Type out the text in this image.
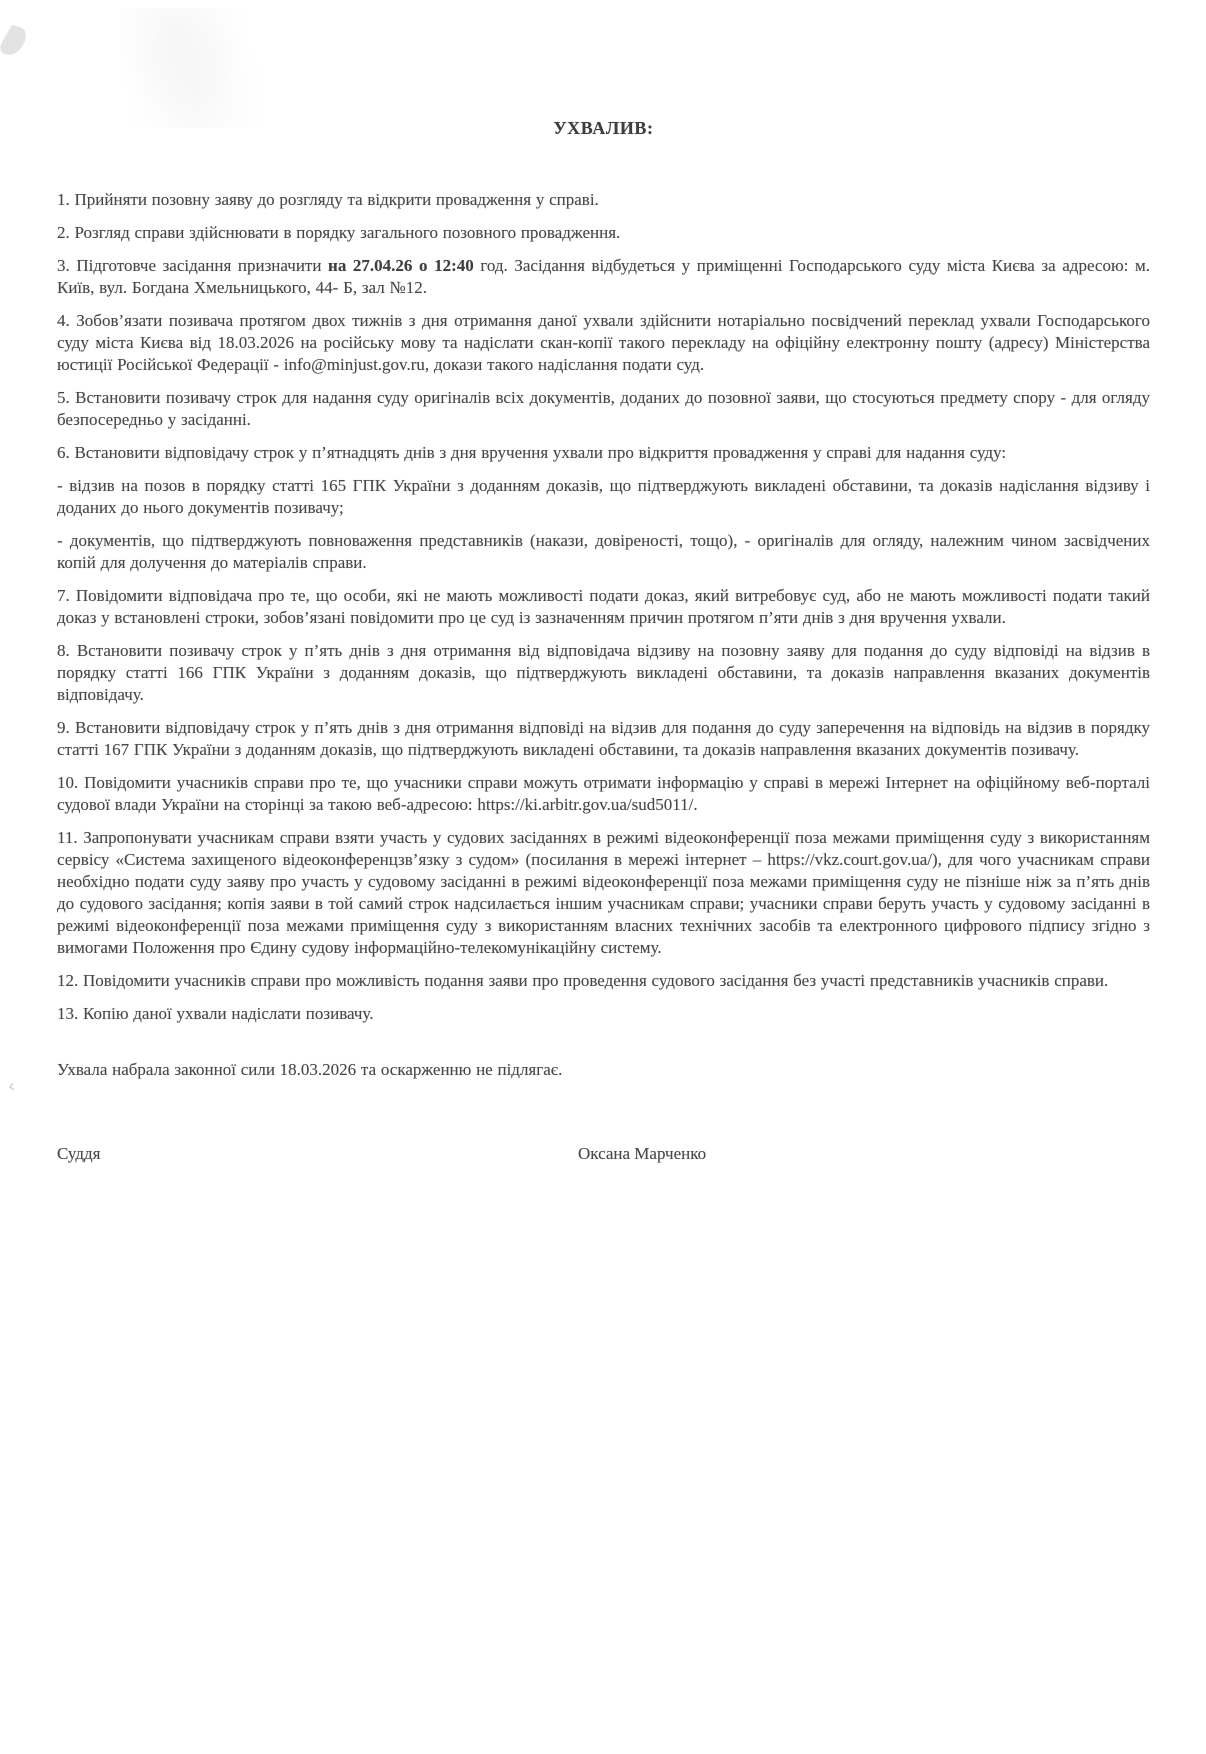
‹
УХВАЛИВ:

1. Прийняти позовну заяву до розгляду та відкрити провадження у справі.

2. Розгляд справи здійснювати в порядку загального позовного провадження.

3. Підготовче засідання призначити на 27.04.26 о 12:40 год. Засідання відбудеться у приміщенні Господарського суду міста Києва за адресою: м. Київ, вул. Богдана Хмельницького, 44- Б, зал №12.

4. Зобов’язати позивача протягом двох тижнів з дня отримання даної ухвали здійснити нотаріально посвідчений переклад ухвали Господарського суду міста Києва від 18.03.2026 на російську мову та надіслати скан-копії такого перекладу на офіційну електронну пошту (адресу) Міністерства юстиції Російської Федерації - info@minjust.gov.ru, докази такого надіслання подати суд.

5. Встановити позивачу строк для надання суду оригіналів всіх документів, доданих до позовної заяви, що стосуються предмету спору - для огляду безпосередньо у засіданні.

6. Встановити відповідачу строк у п’ятнадцять днів з дня вручення ухвали про відкриття провадження у справі для надання суду:

- відзив на позов в порядку статті 165 ГПК України з доданням доказів, що підтверджують викладені обставини, та доказів надіслання відзиву і доданих до нього документів позивачу;

- документів, що підтверджують повноваження представників (накази, довіреності, тощо), - оригіналів для огляду, належним чином засвідчених копій для долучення до матеріалів справи.

7. Повідомити відповідача про те, що особи, які не мають можливості подати доказ, який витребовує суд, або не мають можливості подати такий доказ у встановлені строки, зобов’язані повідомити про це суд із зазначенням причин протягом п’яти днів з дня вручення ухвали.

8. Встановити позивачу строк у п’ять днів з дня отримання від відповідача відзиву на позовну заяву для подання до суду відповіді на відзив в порядку статті 166 ГПК України з доданням доказів, що підтверджують викладені обставини, та доказів направлення вказаних документів відповідачу.

9. Встановити відповідачу строк у п’ять днів з дня отримання відповіді на відзив для подання до суду заперечення на відповідь на відзив в порядку статті 167 ГПК України з доданням доказів, що підтверджують викладені обставини, та доказів направлення вказаних документів позивачу.

10. Повідомити учасників справи про те, що учасники справи можуть отримати інформацію у справі в мережі Інтернет на офіційному веб-порталі судової влади України на сторінці за такою веб-адресою: https://ki.arbitr.gov.ua/sud5011/.

11. Запропонувати учасникам справи взяти участь у судових засіданнях в режимі відеоконференції поза межами приміщення суду з використанням сервісу «Система захищеного відеоконференцзв’язку з судом» (посилання в мережі інтернет – https://vkz.court.gov.ua/), для чого учасникам справи необхідно подати суду заяву про участь у судовому засіданні в режимі відеоконференції поза межами приміщення суду не пізніше ніж за п’ять днів до судового засідання; копія заяви в той самий строк надсилається іншим учасникам справи; учасники справи беруть участь у судовому засіданні в режимі відеоконференції поза межами приміщення суду з використанням власних технічних засобів та електронного цифрового підпису згідно з вимогами Положення про Єдину судову інформаційно-телекомунікаційну систему.

12. Повідомити учасників справи про можливість подання заяви про проведення судового засідання без участі представників учасників справи.

13. Копію даної ухвали надіслати позивачу.

Ухвала набрала законної сили 18.03.2026 та оскарженню не підлягає.

Суддя	Оксана Марченко
